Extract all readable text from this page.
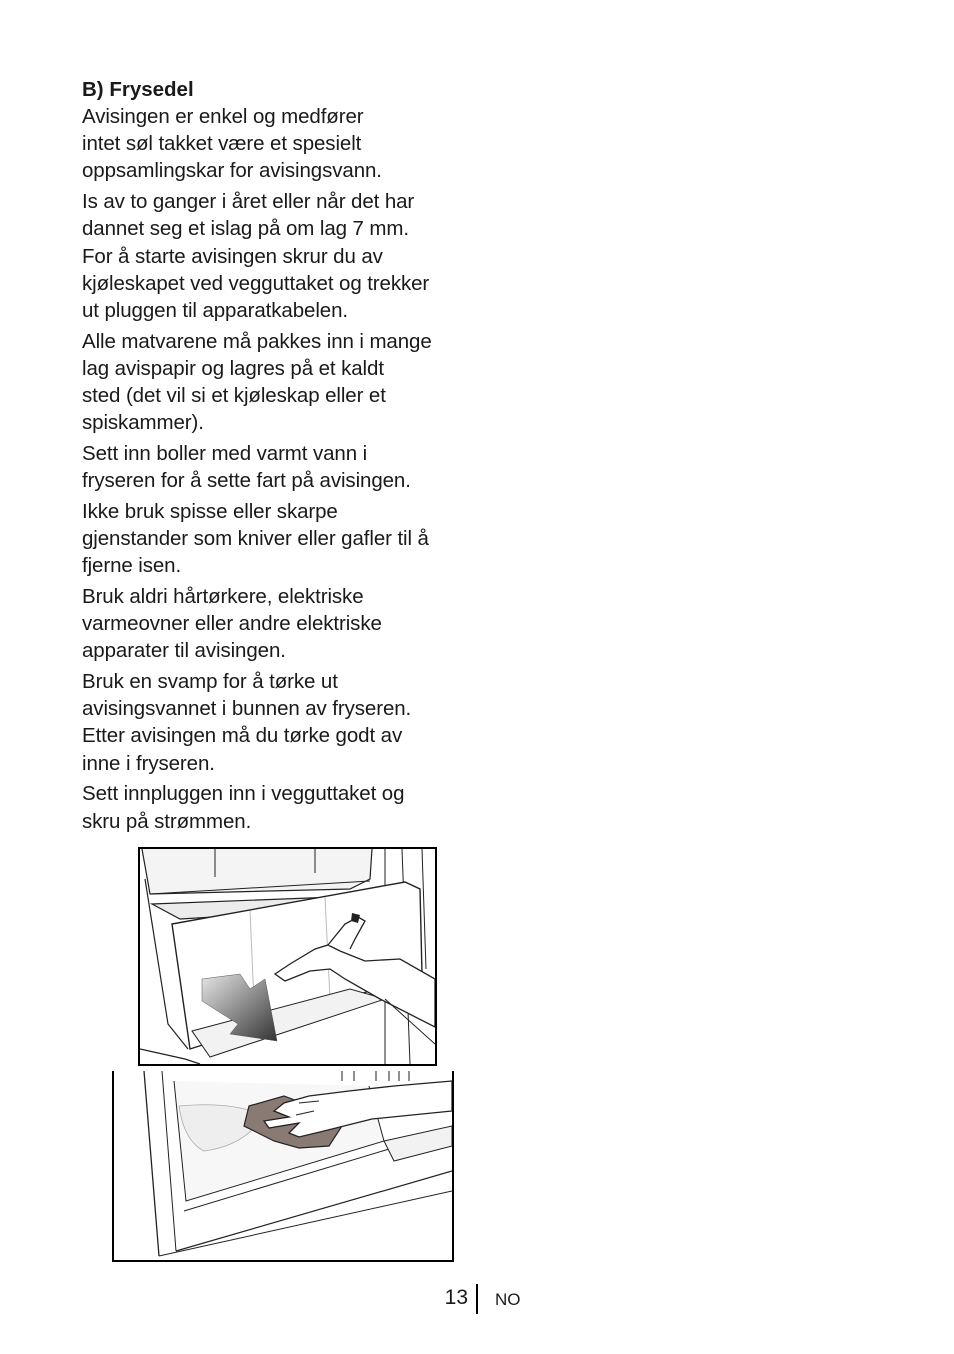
B) Frysedel

Avisingen er enkel og medfører
intet søl takket være et spesielt
oppsamlingskar for avisingsvann.

Is av to ganger i året eller når det har
dannet seg et islag på om lag 7 mm.
For å starte avisingen skrur du av
kjøleskapet ved vegguttaket og trekker
ut pluggen til apparatkabelen.

Alle matvarene må pakkes inn i mange
lag avispapir og lagres på et kaldt
sted (det vil si et kjøleskap eller et
spiskammer).

Sett inn boller med varmt vann i
fryseren for å sette fart på avisingen.

Ikke bruk spisse eller skarpe
gjenstander som kniver eller gafler til å
fjerne isen.

Bruk aldri hårtørkere, elektriske
varmeovner eller andre elektriske
apparater til avisingen.

Bruk en svamp for å tørke ut
avisingsvannet i bunnen av fryseren.
Etter avisingen må du tørke godt av
inne i fryseren.

Sett innpluggen inn i vegguttaket og
skru på strømmen.

13 NO
